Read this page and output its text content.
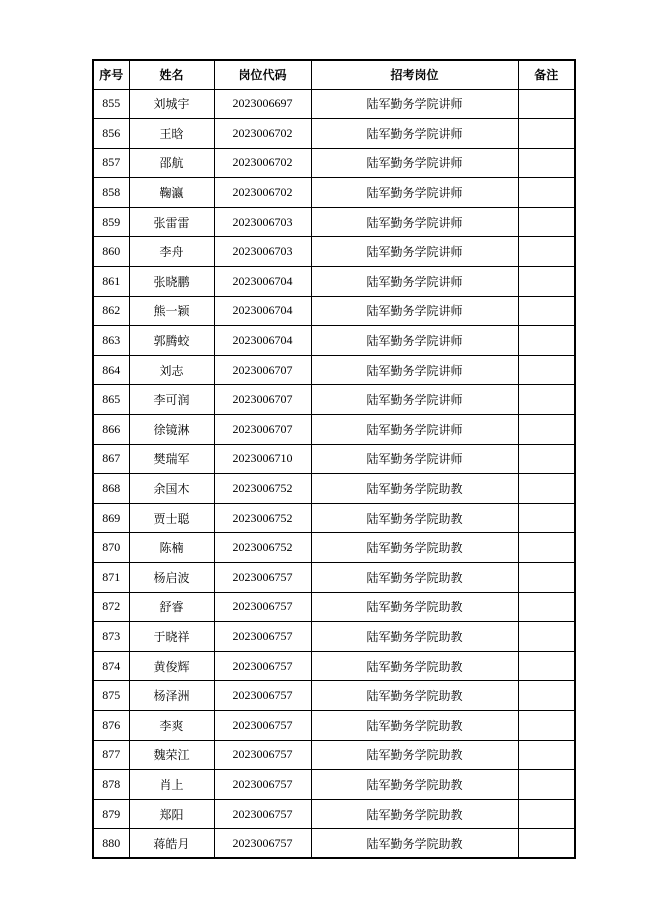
序号	姓名	岗位代码	招考岗位	备注
855	刘城宇	2023006697	陆军勤务学院讲师	
856	王晗	2023006702	陆军勤务学院讲师	
857	邵航	2023006702	陆军勤务学院讲师	
858	鞠瀛	2023006702	陆军勤务学院讲师	
859	张雷雷	2023006703	陆军勤务学院讲师	
860	李舟	2023006703	陆军勤务学院讲师	
861	张晓鹏	2023006704	陆军勤务学院讲师	
862	熊一颖	2023006704	陆军勤务学院讲师	
863	郭腾蛟	2023006704	陆军勤务学院讲师	
864	刘志	2023006707	陆军勤务学院讲师	
865	李可润	2023006707	陆军勤务学院讲师	
866	徐镜淋	2023006707	陆军勤务学院讲师	
867	樊瑞军	2023006710	陆军勤务学院讲师	
868	余国木	2023006752	陆军勤务学院助教	
869	贾士聪	2023006752	陆军勤务学院助教	
870	陈楠	2023006752	陆军勤务学院助教	
871	杨启波	2023006757	陆军勤务学院助教	
872	舒睿	2023006757	陆军勤务学院助教	
873	于晓祥	2023006757	陆军勤务学院助教	
874	黄俊辉	2023006757	陆军勤务学院助教	
875	杨泽洲	2023006757	陆军勤务学院助教	
876	李爽	2023006757	陆军勤务学院助教	
877	魏荣江	2023006757	陆军勤务学院助教	
878	肖上	2023006757	陆军勤务学院助教	
879	郑阳	2023006757	陆军勤务学院助教	
880	蒋皓月	2023006757	陆军勤务学院助教	
